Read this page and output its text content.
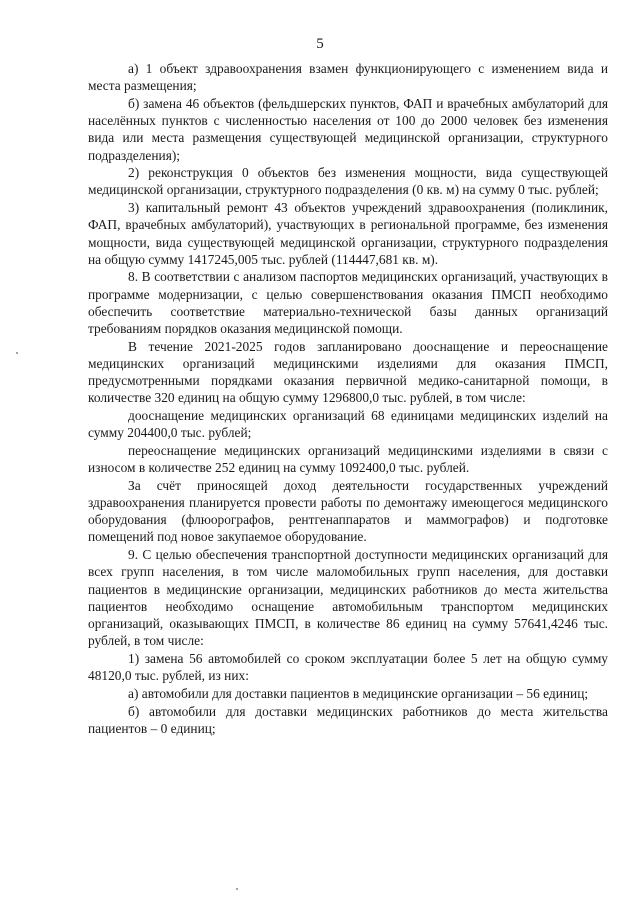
5

а) 1 объект здравоохранения взамен функционирующего с изменением вида и места размещения;

б) замена 46 объектов (фельдшерских пунктов, ФАП и врачебных амбулаторий для населённых пунктов с численностью населения от 100 до 2000 человек без изменения вида или места размещения существующей медицинской организации, структурного подразделения);

2) реконструкция 0 объектов без изменения мощности, вида существующей медицинской организации, структурного подразделения (0 кв. м) на сумму 0 тыс. рублей;

3) капитальный ремонт 43 объектов учреждений здравоохранения (поликлиник, ФАП, врачебных амбулаторий), участвующих в региональной программе, без изменения мощности, вида существующей медицинской организации, структурного подразделения на общую сумму 1417245,005 тыс. рублей (114447,681 кв. м).

8. В соответствии с анализом паспортов медицинских организаций, участвующих в программе модернизации, с целью совершенствования оказания ПМСП необходимо обеспечить соответствие материально-технической базы данных организаций требованиям порядков оказания медицинской помощи.

В течение 2021-2025 годов запланировано дооснащение и переоснащение медицинских организаций медицинскими изделиями для оказания ПМСП, предусмотренными порядками оказания первичной медико-санитарной помощи, в количестве 320 единиц на общую сумму 1296800,0 тыс. рублей, в том числе:

дооснащение медицинских организаций 68 единицами медицинских изделий на сумму 204400,0 тыс. рублей;

переоснащение медицинских организаций медицинскими изделиями в связи с износом в количестве 252 единиц на сумму 1092400,0 тыс. рублей.

За счёт приносящей доход деятельности государственных учреждений здравоохранения планируется провести работы по демонтажу имеющегося медицинского оборудования (флюорографов, рентгенаппаратов и маммографов) и подготовке помещений под новое закупаемое оборудование.

9. С целью обеспечения транспортной доступности медицинских организаций для всех групп населения, в том числе маломобильных групп населения, для доставки пациентов в медицинские организации, медицинских работников до места жительства пациентов необходимо оснащение автомобильным транспортом медицинских организаций, оказывающих ПМСП, в количестве 86 единиц на сумму 57641,4246 тыс. рублей, в том числе:

1) замена 56 автомобилей со сроком эксплуатации более 5 лет на общую сумму 48120,0 тыс. рублей, из них:

а) автомобили для доставки пациентов в медицинские организации – 56 единиц;

б) автомобили для доставки медицинских работников до места жительства пациентов – 0 единиц;
